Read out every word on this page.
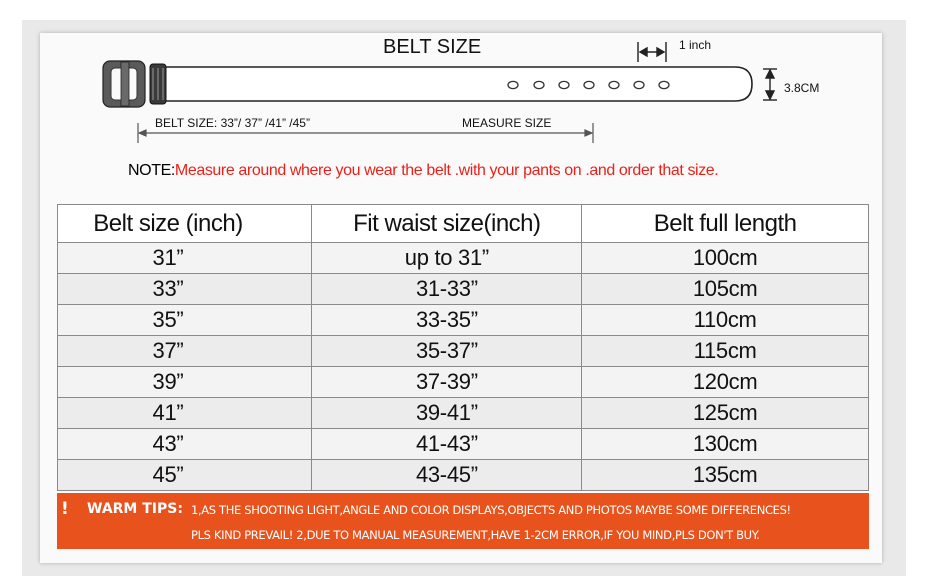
BELT SIZE	1 inch
3.8CM
BELT SIZE: 33”/ 37” /41” /45”	MEASURE SIZE
NOTE:Measure around where you wear the belt .with your pants on .and order that size.
Belt size (inch)	Fit waist size(inch)	Belt full length
31”	up to 31”	100cm
33”	31-33”	105cm
35”	33-35”	110cm
37”	35-37”	115cm
39”	37-39”	120cm
41”	39-41”	125cm
43”	41-43”	130cm
45”	43-45”	135cm
! WARM TIPS: 1,AS THE SHOOTING LIGHT,ANGLE AND COLOR DISPLAYS,OBJECTS AND PHOTOS MAYBE SOME DIFFERENCES!
PLS KIND PREVAIL! 2,DUE TO MANUAL MEASUREMENT,HAVE 1-2CM ERROR,IF YOU MIND,PLS DON'T BUY.
